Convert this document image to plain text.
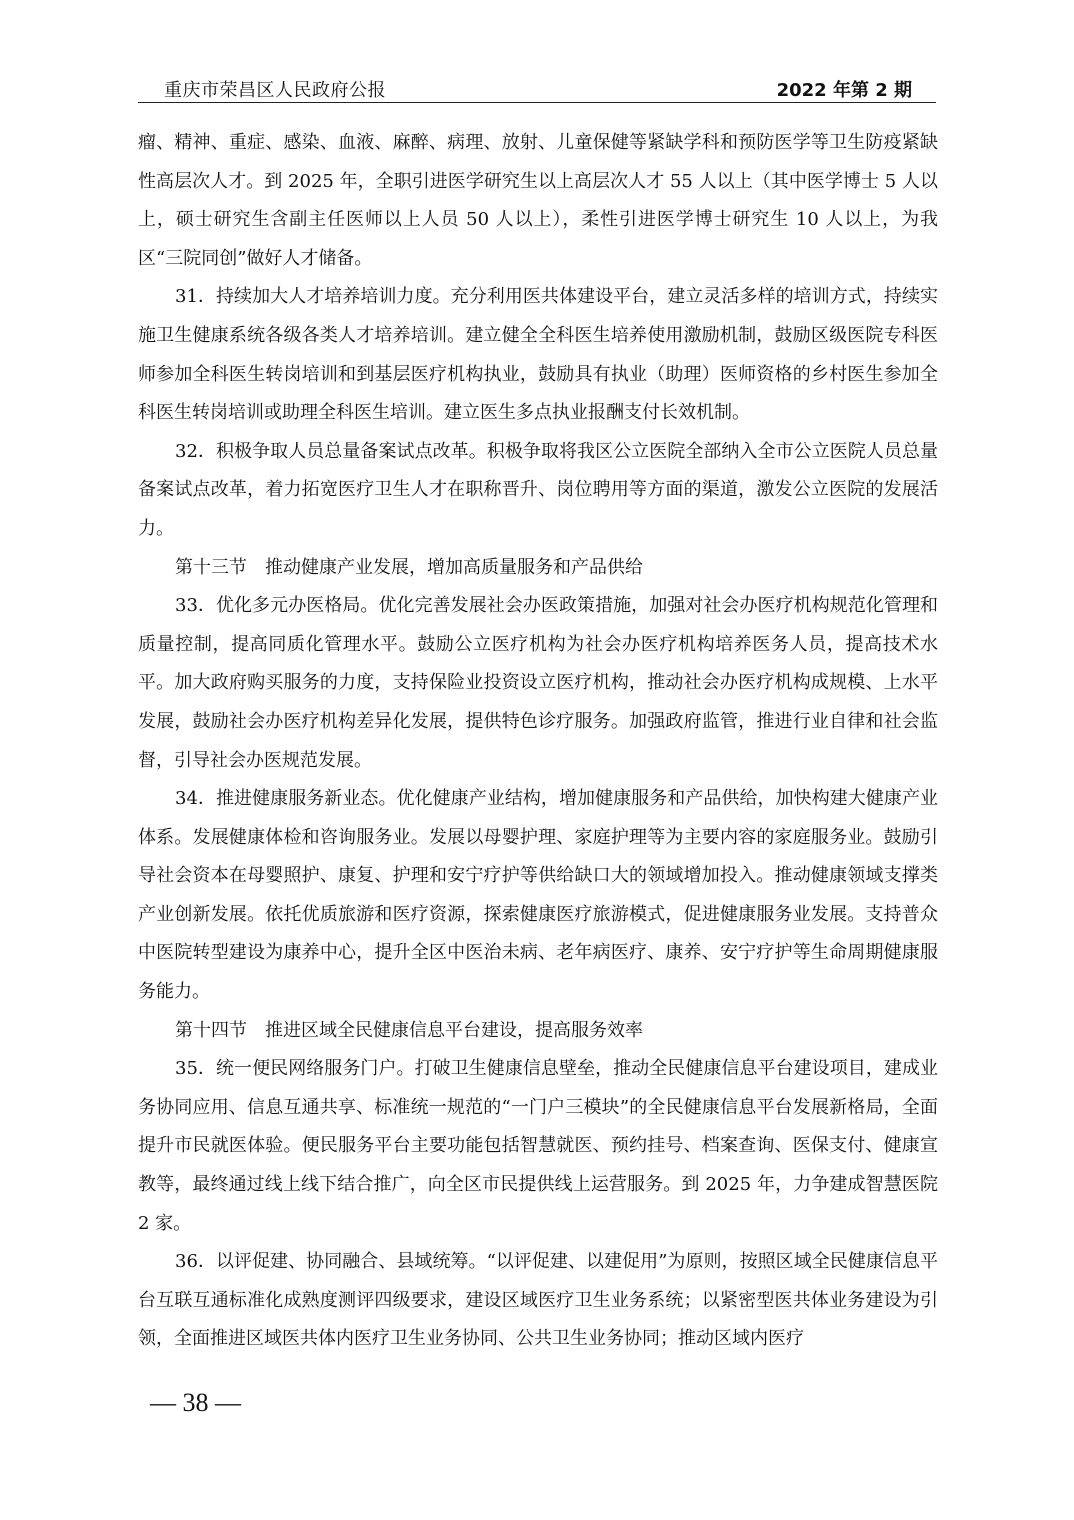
重庆市荣昌区人民政府公报	2022 年第 2 期

瘤、精神、重症、感染、血液、麻醉、病理、放射、儿童保健等紧缺学科和预防医学等卫生防疫紧缺性高层次人才。到 2025 年，全职引进医学研究生以上高层次人才 55 人以上（其中医学博士 5 人以上，硕士研究生含副主任医师以上人员 50 人以上），柔性引进医学博士研究生 10 人以上，为我区“三院同创”做好人才储备。

31．持续加大人才培养培训力度。充分利用医共体建设平台，建立灵活多样的培训方式，持续实施卫生健康系统各级各类人才培养培训。建立健全全科医生培养使用激励机制，鼓励区级医院专科医师参加全科医生转岗培训和到基层医疗机构执业，鼓励具有执业（助理）医师资格的乡村医生参加全科医生转岗培训或助理全科医生培训。建立医生多点执业报酬支付长效机制。

32．积极争取人员总量备案试点改革。积极争取将我区公立医院全部纳入全市公立医院人员总量备案试点改革，着力拓宽医疗卫生人才在职称晋升、岗位聘用等方面的渠道，激发公立医院的发展活力。

第十三节　推动健康产业发展，增加高质量服务和产品供给

33．优化多元办医格局。优化完善发展社会办医政策措施，加强对社会办医疗机构规范化管理和质量控制，提高同质化管理水平。鼓励公立医疗机构为社会办医疗机构培养医务人员，提高技术水平。加大政府购买服务的力度，支持保险业投资设立医疗机构，推动社会办医疗机构成规模、上水平发展，鼓励社会办医疗机构差异化发展，提供特色诊疗服务。加强政府监管，推进行业自律和社会监督，引导社会办医规范发展。

34．推进健康服务新业态。优化健康产业结构，增加健康服务和产品供给，加快构建大健康产业体系。发展健康体检和咨询服务业。发展以母婴护理、家庭护理等为主要内容的家庭服务业。鼓励引导社会资本在母婴照护、康复、护理和安宁疗护等供给缺口大的领域增加投入。推动健康领域支撑类产业创新发展。依托优质旅游和医疗资源，探索健康医疗旅游模式，促进健康服务业发展。支持普众中医院转型建设为康养中心，提升全区中医治未病、老年病医疗、康养、安宁疗护等生命周期健康服务能力。

第十四节　推进区域全民健康信息平台建设，提高服务效率

35．统一便民网络服务门户。打破卫生健康信息壁垒，推动全民健康信息平台建设项目，建成业务协同应用、信息互通共享、标准统一规范的“一门户三模块”的全民健康信息平台发展新格局，全面提升市民就医体验。便民服务平台主要功能包括智慧就医、预约挂号、档案查询、医保支付、健康宣教等，最终通过线上线下结合推广，向全区市民提供线上运营服务。到 2025 年，力争建成智慧医院 2 家。

36．以评促建、协同融合、县域统筹。“以评促建、以建促用”为原则，按照区域全民健康信息平台互联互通标准化成熟度测评四级要求，建设区域医疗卫生业务系统；以紧密型医共体业务建设为引领，全面推进区域医共体内医疗卫生业务协同、公共卫生业务协同；推动区域内医疗

— 38 —
